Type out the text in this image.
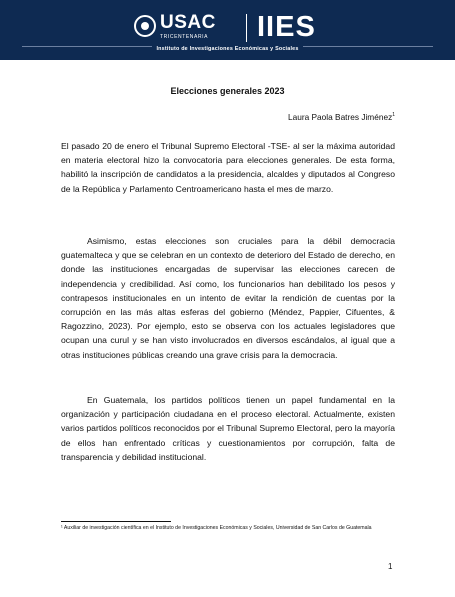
USAC
TRICENTENARIA IIES
Instituto de Investigaciones Económicas y Sociales
Elecciones generales 2023
Laura Paola Batres Jiménez$^1$

El pasado 20 de enero el Tribunal Supremo Electoral -TSE- al ser la máxima autoridad en materia electoral hizo la convocatoria para elecciones generales. De esta forma, habilitó la inscripción de candidatos a la presidencia, alcaldes y diputados al Congreso de la República y Parlamento Centroamericano hasta el mes de marzo.

Asimismo, estas elecciones son cruciales para la débil democracia guatemalteca y que se celebran en un contexto de deterioro del Estado de derecho, en donde las instituciones encargadas de supervisar las elecciones carecen de independencia y credibilidad. Así como, los funcionarios han debilitado los pesos y contrapesos institucionales en un intento de evitar la rendición de cuentas por la corrupción en las más altas esferas del gobierno (Méndez, Pappier, Cifuentes, & Ragozzino, 2023). Por ejemplo, esto se observa con los actuales legisladores que ocupan una curul y se han visto involucrados en diversos escándalos, al igual que a otras instituciones públicas creando una grave crisis para la democracia.

En Guatemala, los partidos políticos tienen un papel fundamental en la organización y participación ciudadana en el proceso electoral. Actualmente, existen varios partidos políticos reconocidos por el Tribunal Supremo Electoral, pero la mayoría de ellos han enfrentado críticas y cuestionamientos por corrupción, falta de transparencia y debilidad institucional.

¹ Auxiliar de investigación científica en el Instituto de Investigaciones Económicas y Sociales, Universidad de San Carlos de Guatemala

1
